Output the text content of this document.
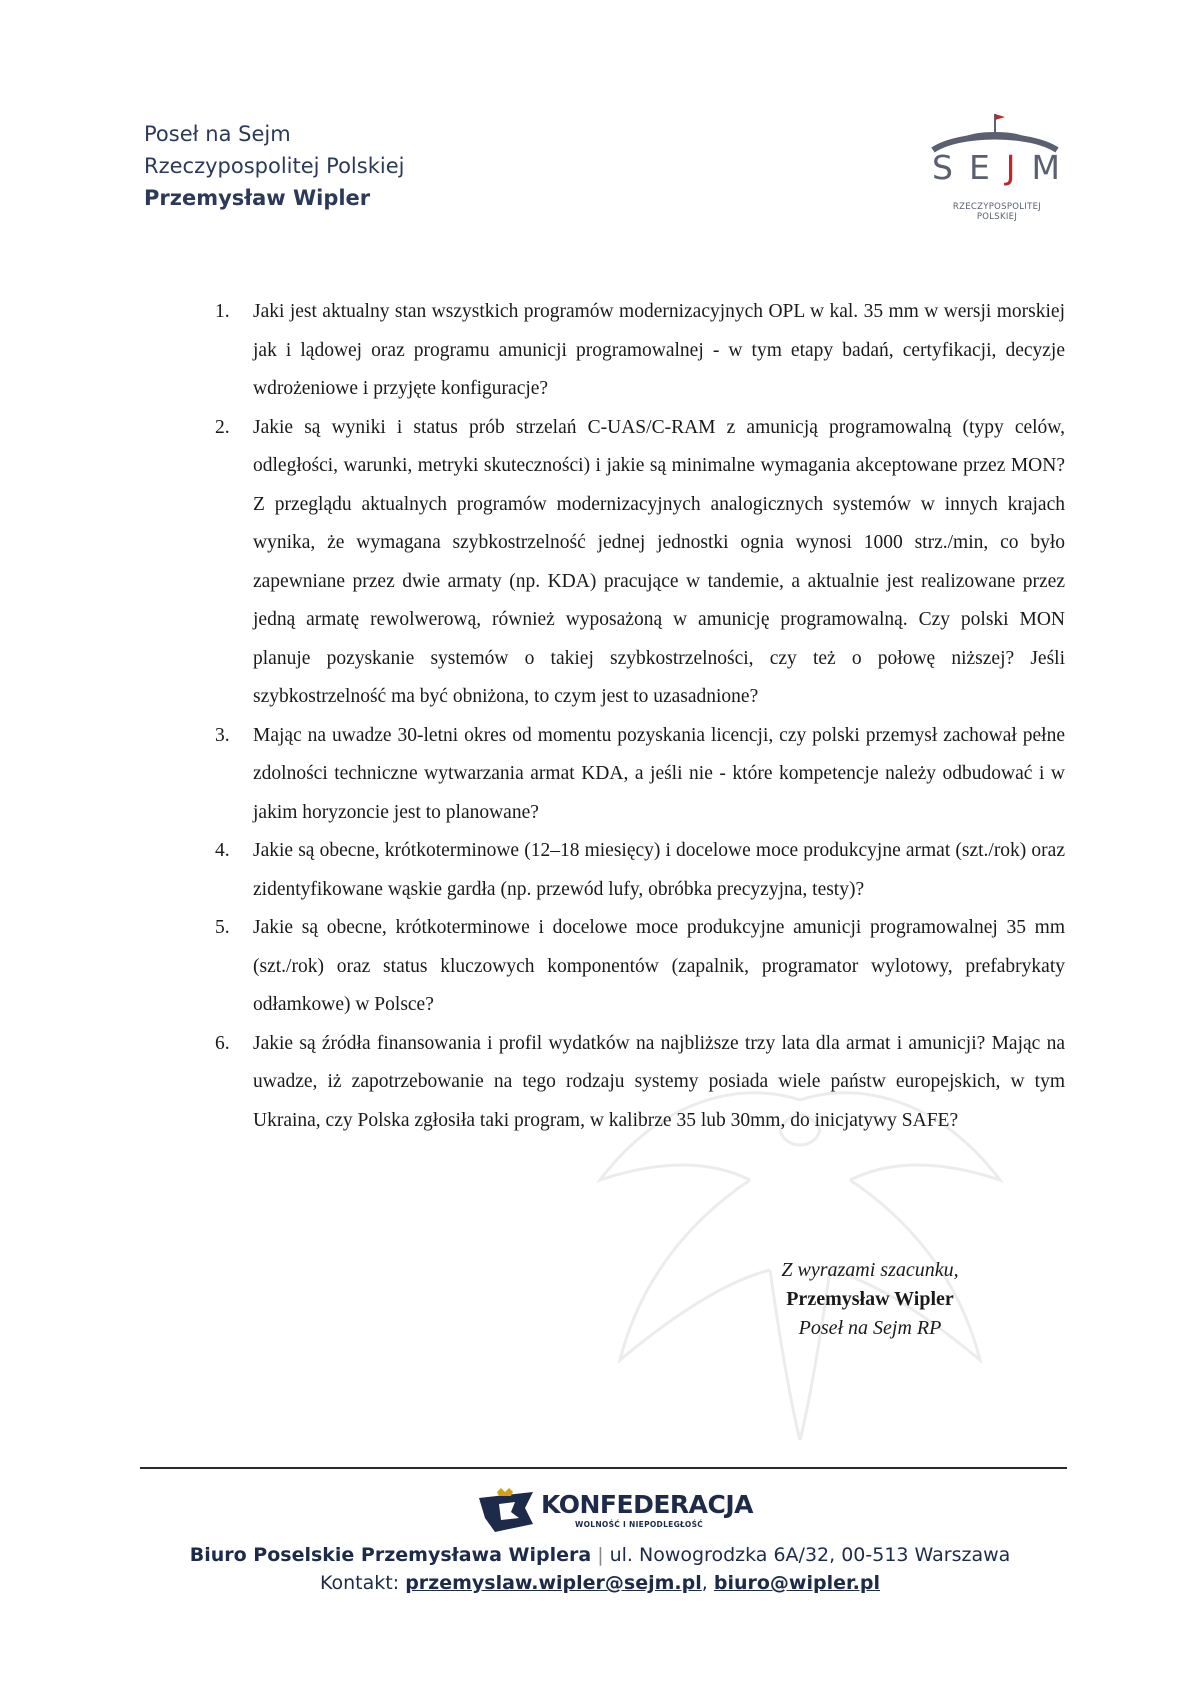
Poseł na Sejm
Rzeczypospolitej Polskiej
Przemysław Wipler
S E J M
RZECZYPOSPOLITEJ POLSKIEJ
1.	Jaki jest aktualny stan wszystkich programów modernizacyjnych OPL w kal. 35 mm w wersji morskiej jak i lądowej oraz programu amunicji programowalnej - w tym etapy badań, certyfikacji, decyzje wdrożeniowe i przyjęte konfiguracje?
2.	Jakie są wyniki i status prób strzelań C-UAS/C-RAM z amunicją programowalną (typy celów, odległości, warunki, metryki skuteczności) i jakie są minimalne wymagania akceptowane przez MON? Z przeglądu aktualnych programów modernizacyjnych analogicznych systemów w innych krajach wynika, że wymagana szybkostrzelność jednej jednostki ognia wynosi 1000 strz./min, co było zapewniane przez dwie armaty (np. KDA) pracujące w tandemie, a aktualnie jest realizowane przez jedną armatę rewolwerową, również wyposażoną w amunicję programowalną. Czy polski MON planuje pozyskanie systemów o takiej szybkostrzelności, czy też o połowę niższej? Jeśli szybkostrzelność ma być obniżona, to czym jest to uzasadnione?
3.	Mając na uwadze 30-letni okres od momentu pozyskania licencji, czy polski przemysł zachował pełne zdolności techniczne wytwarzania armat KDA, a jeśli nie - które kompetencje należy odbudować i w jakim horyzoncie jest to planowane?
4.	Jakie są obecne, krótkoterminowe (12–18 miesięcy) i docelowe moce produkcyjne armat (szt./rok) oraz zidentyfikowane wąskie gardła (np. przewód lufy, obróbka precyzyjna, testy)?
5.	Jakie są obecne, krótkoterminowe i docelowe moce produkcyjne amunicji programowalnej 35 mm (szt./rok) oraz status kluczowych komponentów (zapalnik, programator wylotowy, prefabrykaty odłamkowe) w Polsce?
6.	Jakie są źródła finansowania i profil wydatków na najbliższe trzy lata dla armat i amunicji? Mając na uwadze, iż zapotrzebowanie na tego rodzaju systemy posiada wiele państw europejskich, w tym Ukraina, czy Polska zgłosiła taki program, w kalibrze 35 lub 30mm, do inicjatywy SAFE?
Z wyrazami szacunku,
Przemysław Wipler
Poseł na Sejm RP
KONFEDERACJA
WOLNOŚĆ I NIEPODLEGŁOŚĆ
Biuro Poselskie Przemysława Wiplera | ul. Nowogrodzka 6A/32, 00-513 Warszawa
Kontakt: przemyslaw.wipler@sejm.pl, biuro@wipler.pl
